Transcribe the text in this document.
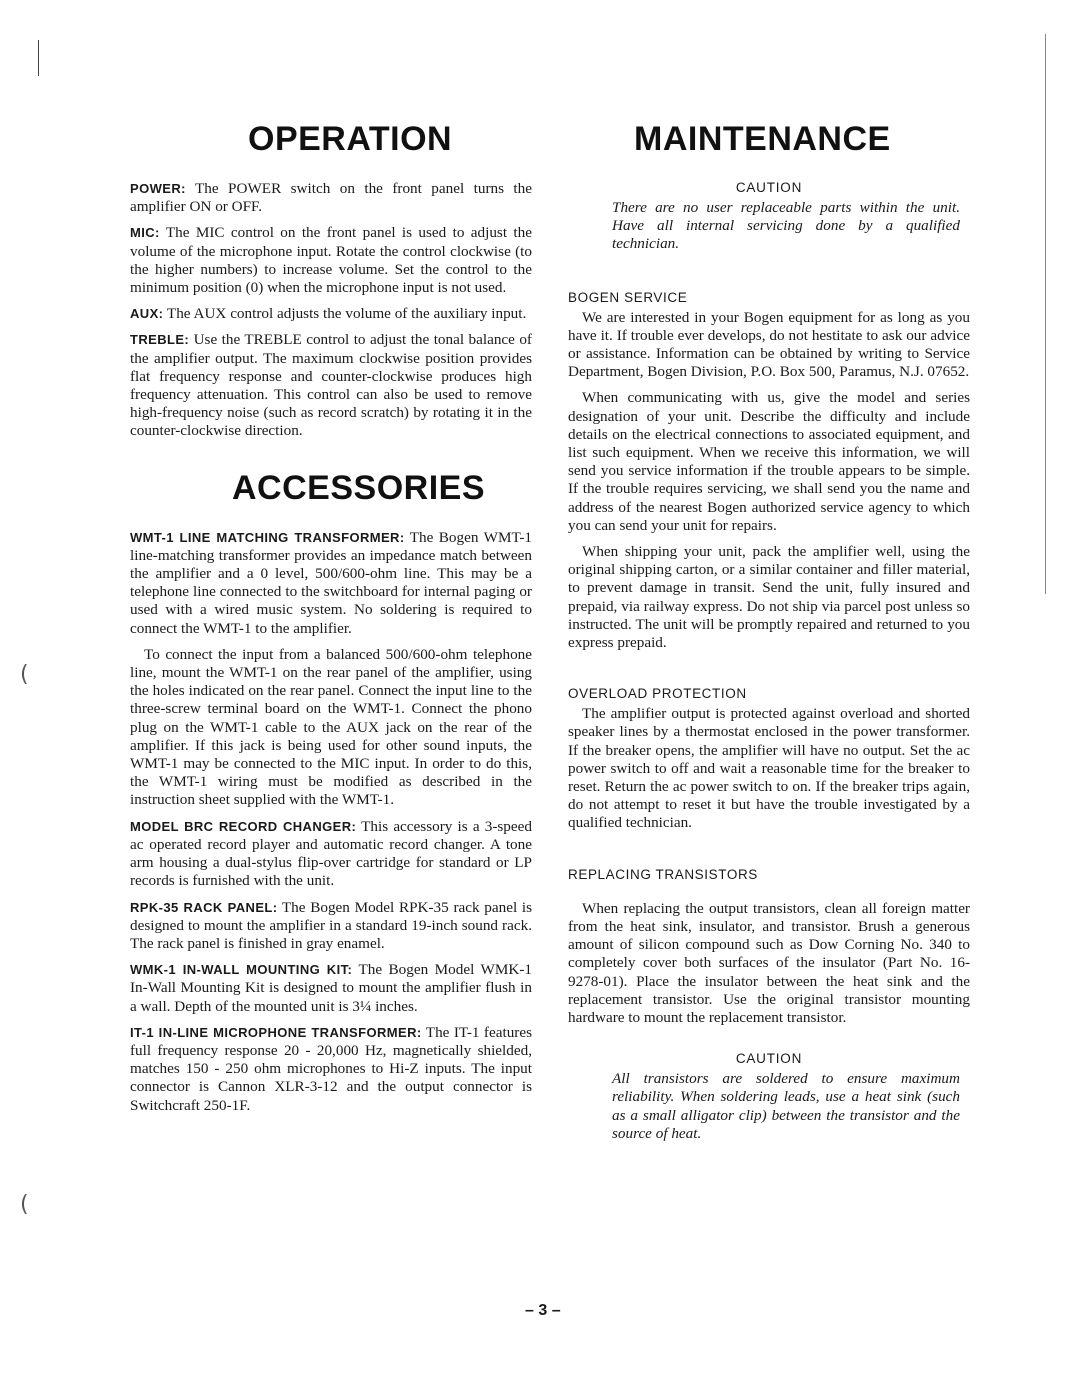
(
(
OPERATION

POWER: The POWER switch on the front panel turns the amplifier ON or OFF.

MIC: The MIC control on the front panel is used to adjust the volume of the microphone input. Rotate the control clockwise (to the higher numbers) to increase volume. Set the control to the minimum position (0) when the microphone input is not used.

AUX: The AUX control adjusts the volume of the auxiliary input.

TREBLE: Use the TREBLE control to adjust the tonal balance of the amplifier output. The maximum clockwise position provides flat frequency response and counter-clockwise produces high frequency attenuation. This control can also be used to remove high-frequency noise (such as record scratch) by rotating it in the counter-clockwise direction.

ACCESSORIES

WMT-1 LINE MATCHING TRANSFORMER: The Bogen WMT-1 line-matching transformer provides an impedance match between the amplifier and a 0 level, 500/600-ohm line. This may be a telephone line connected to the switchboard for internal paging or used with a wired music system. No soldering is required to connect the WMT-1 to the amplifier.

To connect the input from a balanced 500/600-ohm telephone line, mount the WMT-1 on the rear panel of the amplifier, using the holes indicated on the rear panel. Connect the input line to the three-screw terminal board on the WMT-1. Connect the phono plug on the WMT-1 cable to the AUX jack on the rear of the amplifier. If this jack is being used for other sound inputs, the WMT-1 may be connected to the MIC input. In order to do this, the WMT-1 wiring must be modified as described in the instruction sheet supplied with the WMT-1.

MODEL BRC RECORD CHANGER: This accessory is a 3-speed ac operated record player and automatic record changer. A tone arm housing a dual-stylus flip-over cartridge for standard or LP records is furnished with the unit.

RPK-35 RACK PANEL: The Bogen Model RPK-35 rack panel is designed to mount the amplifier in a standard 19-inch sound rack. The rack panel is finished in gray enamel.

WMK-1 IN-WALL MOUNTING KIT: The Bogen Model WMK-1 In-Wall Mounting Kit is designed to mount the amplifier flush in a wall. Depth of the mounted unit is 3¼ inches.

IT-1 IN-LINE MICROPHONE TRANSFORMER: The IT-1 features full frequency response 20 - 20,000 Hz, magnetically shielded, matches 150 - 250 ohm microphones to Hi-Z inputs. The input connector is Cannon XLR-3-12 and the output connector is Switchcraft 250-1F.

MAINTENANCE
CAUTION

There are no user replaceable parts within the unit. Have all internal servicing done by a qualified technician.

BOGEN SERVICE

We are interested in your Bogen equipment for as long as you have it. If trouble ever develops, do not hestitate to ask our advice or assistance. Information can be obtained by writing to Service Department, Bogen Division, P.O. Box 500, Paramus, N.J. 07652.

When communicating with us, give the model and series designation of your unit. Describe the difficulty and include details on the electrical connections to associated equipment, and list such equipment. When we receive this information, we will send you service information if the trouble appears to be simple. If the trouble requires servicing, we shall send you the name and address of the nearest Bogen authorized service agency to which you can send your unit for repairs.

When shipping your unit, pack the amplifier well, using the original shipping carton, or a similar container and filler material, to prevent damage in transit. Send the unit, fully insured and prepaid, via railway express. Do not ship via parcel post unless so instructed. The unit will be promptly repaired and returned to you express prepaid.

OVERLOAD PROTECTION

The amplifier output is protected against overload and shorted speaker lines by a thermostat enclosed in the power transformer. If the breaker opens, the amplifier will have no output. Set the ac power switch to off and wait a reasonable time for the breaker to reset. Return the ac power switch to on. If the breaker trips again, do not attempt to reset it but have the trouble investigated by a qualified technician.

REPLACING TRANSISTORS

When replacing the output transistors, clean all foreign matter from the heat sink, insulator, and transistor. Brush a generous amount of silicon compound such as Dow Corning No. 340 to completely cover both surfaces of the insulator (Part No. 16-9278-01). Place the insulator between the heat sink and the replacement transistor. Use the original transistor mounting hardware to mount the replacement transistor.

CAUTION

All transistors are soldered to ensure maximum reliability. When soldering leads, use a heat sink (such as a small alligator clip) between the transistor and the source of heat.

– 3 –
